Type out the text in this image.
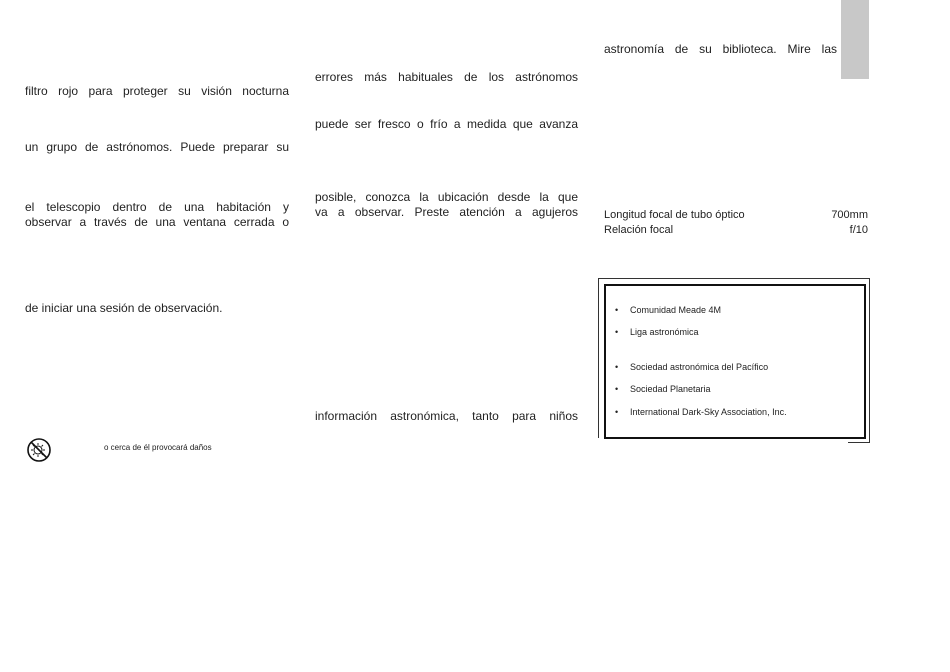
filtro rojo para proteger su visión nocturna
un grupo de astrónomos. Puede preparar su
el telescopio dentro de una habitación y
observar a través de una ventana cerrada o
de iniciar una sesión de observación.
o cerca de él provocará daños
errores más habituales de los astrónomos
puede ser fresco o frío a medida que avanza
posible, conozca la ubicación desde la que
va a observar. Preste atención a agujeros
información astronómica, tanto para niños
astronomía de su biblioteca. Mire las
Longitud focal de tubo óptico	700mm
Relación focal	f/10
• Comunidad Meade 4M
• Liga astronómica
• Sociedad astronómica del Pacífico
• Sociedad Planetaria
• International Dark-Sky Association, Inc.
